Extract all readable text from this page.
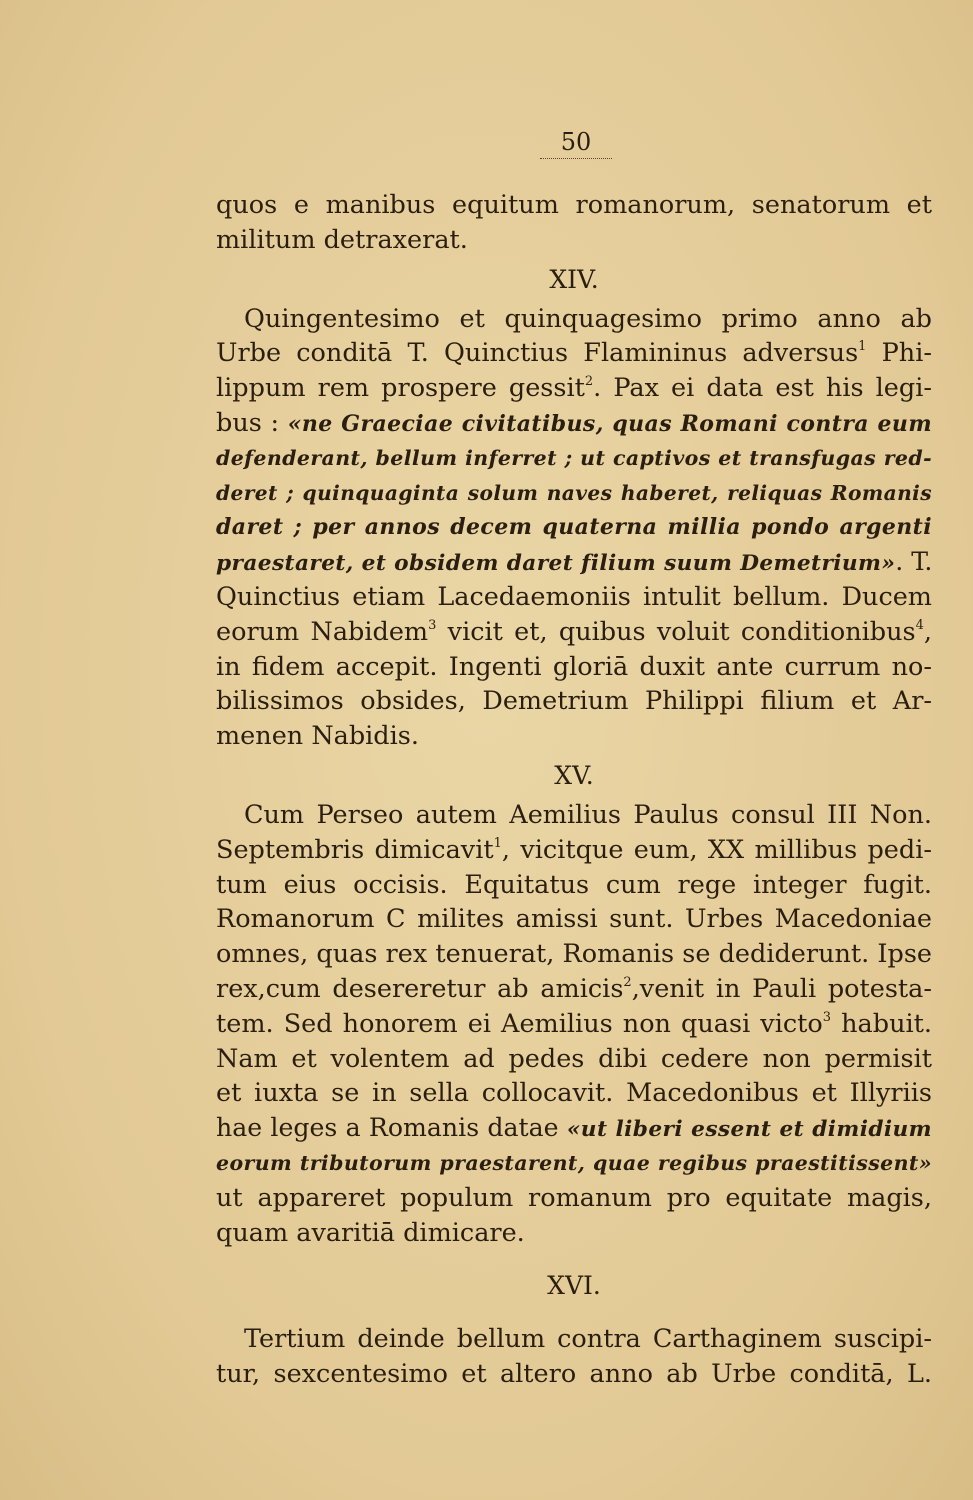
50
quos e manibus equitum romanorum, senatorum et
militum detraxerat.
XIV.
Quingentesimo et quinquagesimo primo anno ab
Urbe conditā T. Quinctius Flamininus adversus$^1$ Phi-
lippum rem prospere gessit$^2$. Pax ei data est his legi-
bus : «ne Graeciae civitatibus, quas Romani contra eum
defenderant, bellum inferret ; ut captivos et transfugas red-
deret ; quinquaginta solum naves haberet, reliquas Romanis
daret ; per annos decem quaterna millia pondo argenti
praestaret, et obsidem daret filium suum Demetrium». T.
Quinctius etiam Lacedaemoniis intulit bellum. Ducem
eorum Nabidem$^3$ vicit et, quibus voluit conditionibus$^4$,
in fidem accepit. Ingenti gloriā duxit ante currum no-
bilissimos obsides, Demetrium Philippi filium et Ar-
menen Nabidis.
XV.
Cum Perseo autem Aemilius Paulus consul III Non.
Septembris dimicavit$^1$, vicitque eum, XX millibus pedi-
tum eius occisis. Equitatus cum rege integer fugit.
Romanorum C milites amissi sunt. Urbes Macedoniae
omnes, quas rex tenuerat, Romanis se dediderunt. Ipse
rex,cum desereretur ab amicis$^2$,venit in Pauli potesta-
tem. Sed honorem ei Aemilius non quasi victo$^3$ habuit.
Nam et volentem ad pedes dibi cedere non permisit
et iuxta se in sella collocavit. Macedonibus et Illyriis
hae leges a Romanis datae «ut liberi essent et dimidium
eorum tributorum praestarent, quae regibus praestitissent»
ut appareret populum romanum pro equitate magis,
quam avaritiā dimicare.
XVI.
Tertium deinde bellum contra Carthaginem suscipi-
tur, sexcentesimo et altero anno ab Urbe conditā, L.
